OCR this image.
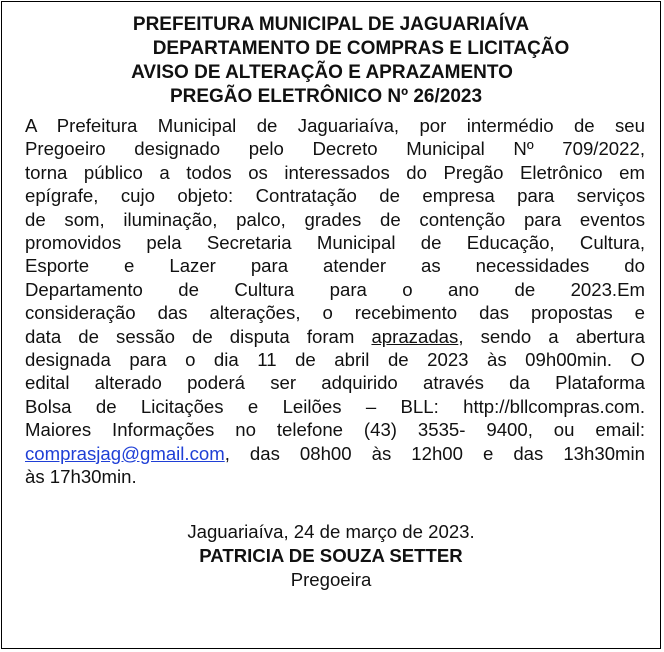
PREFEITURA MUNICIPAL DE JAGUARIAÍVA
DEPARTAMENTO DE COMPRAS E LICITAÇÃO
AVISO DE ALTERAÇÃO E APRAZAMENTO
PREGÃO ELETRÔNICO Nº 26/2023
A Prefeitura Municipal de Jaguariaíva, por intermédio de seu
Pregoeiro designado pelo Decreto Municipal Nº 709/2022,
torna público a todos os interessados do Pregão Eletrônico em
epígrafe, cujo objeto: Contratação de empresa para serviços
de som, iluminação, palco, grades de contenção para eventos
promovidos pela Secretaria Municipal de Educação, Cultura,
Esporte e Lazer para atender as necessidades do
Departamento de Cultura para o ano de 2023.Em
consideração das alterações, o recebimento das propostas e
data de sessão de disputa foram aprazadas, sendo a abertura
designada para o dia 11 de abril de 2023 às 09h00min. O
edital alterado poderá ser adquirido através da Plataforma
Bolsa de Licitações e Leilões – BLL: http://bllcompras.com.
Maiores Informações no telefone (43) 3535- 9400, ou email:
comprasjag@gmail.com, das 08h00 às 12h00 e das 13h30min
às 17h30min.
Jaguariaíva, 24 de março de 2023.
PATRICIA DE SOUZA SETTER
Pregoeira
